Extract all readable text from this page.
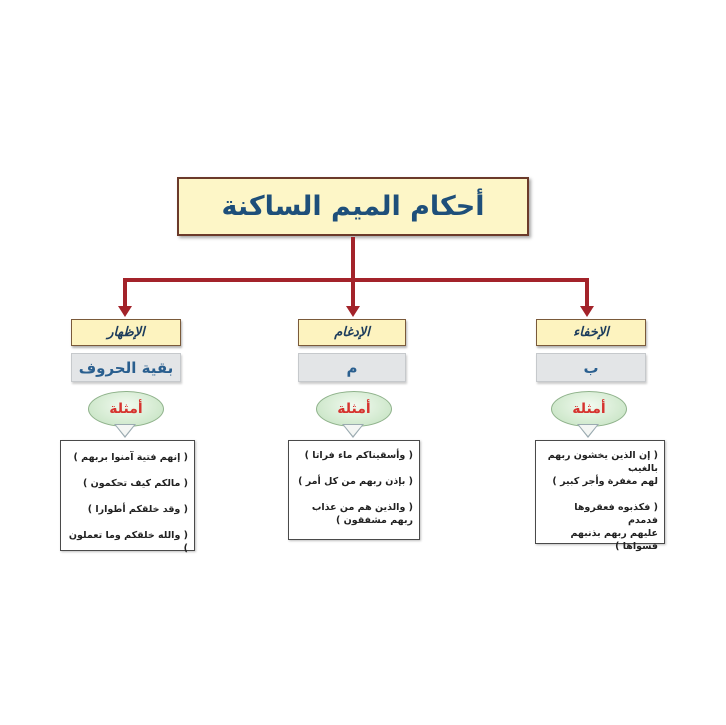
أحكام الميم الساكنة
الإخفاء
ب
أمثلة
( إن الذين يخشون ربهم بالغيب
لهم مغفرة وأجر كبير )
( فكذبوه فعقروها فدمدم
عليهم ربهم بذنبهم فسواها )
الإدغام
م
أمثلة
( وأسقيناكم ماء فراتا )
( بإذن ربهم من كل أمر )
( والذين هم من عذاب
ربهم مشفقون )
الإظهار
بقية الحروف
أمثلة
( إنهم فتية آمنوا بربهم )
( مالكم كيف تحكمون )
( وقد خلقكم أطوارا )
( والله خلقكم وما تعملون )
